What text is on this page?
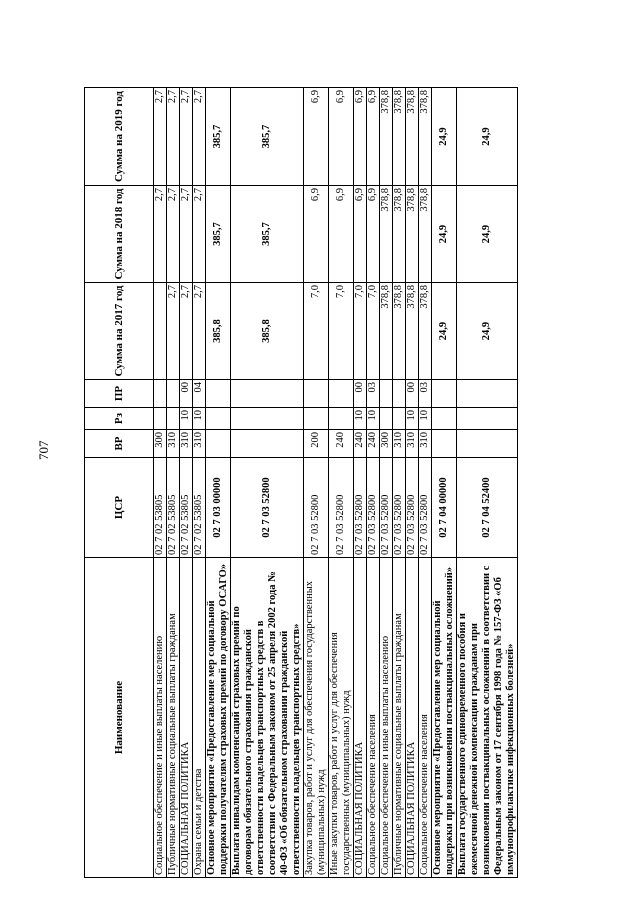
707
Наименование	ЦСР	ВР	Рз	ПР	Сумма на 2017 год	Сумма на 2018 год	Сумма на 2019 год
Социальное обеспечение и иные выплаты населению	02 7 02 53805	300				2,7	2,7
Публичные нормативные социальные выплаты гражданам	02 7 02 53805	310			2,7	2,7	2,7
СОЦИАЛЬНАЯ ПОЛИТИКА	02 7 02 53805	310	10	00	2,7	2,7	2,7
Охрана семьи и детства	02 7 02 53805	310	10	04	2,7	2,7	2,7
Основное мероприятие «Предоставление мер социальной поддержки получателям страховых премий по договору ОСАГО»	02 7 03 00000				385,8	385,7	385,7
Выплата инвалидам компенсаций страховых премий по договорам обязательного страхования гражданской ответственности владельцев транспортных средств в соответствии с Федеральным законом от 25 апреля 2002 года № 40-ФЗ «Об обязательном страховании гражданской ответственности владельцев транспортных средств»	02 7 03 52800				385,8	385,7	385,7
Закупка товаров, работ и услуг для обеспечения государственных (муниципальных) нужд	02 7 03 52800	200			7,0	6,9	6,9
Иные закупки товаров, работ и услуг для обеспечения государственных (муниципальных) нужд	02 7 03 52800	240			7,0	6,9	6,9
СОЦИАЛЬНАЯ ПОЛИТИКА	02 7 03 52800	240	10	00	7,0	6,9	6,9
Социальное обеспечение населения	02 7 03 52800	240	10	03	7,0	6,9	6,9
Социальное обеспечение и иные выплаты населению	02 7 03 52800	300			378,8	378,8	378,8
Публичные нормативные социальные выплаты гражданам	02 7 03 52800	310			378,8	378,8	378,8
СОЦИАЛЬНАЯ ПОЛИТИКА	02 7 03 52800	310	10	00	378,8	378,8	378,8
Социальное обеспечение населения	02 7 03 52800	310	10	03	378,8	378,8	378,8
Основное мероприятие «Предоставление мер социальной поддержки при возникновении поствакцинальных осложнений»	02 7 04 00000				24,9	24,9	24,9
Выплата государственного единовременного пособия и ежемесячной денежной компенсации гражданам при возникновении поствакцинальных осложнений в соответствии с Федеральным законом от 17 сентября 1998 года № 157-ФЗ «Об иммунопрофилактике инфекционных болезней»	02 7 04 52400				24,9	24,9	24,9
